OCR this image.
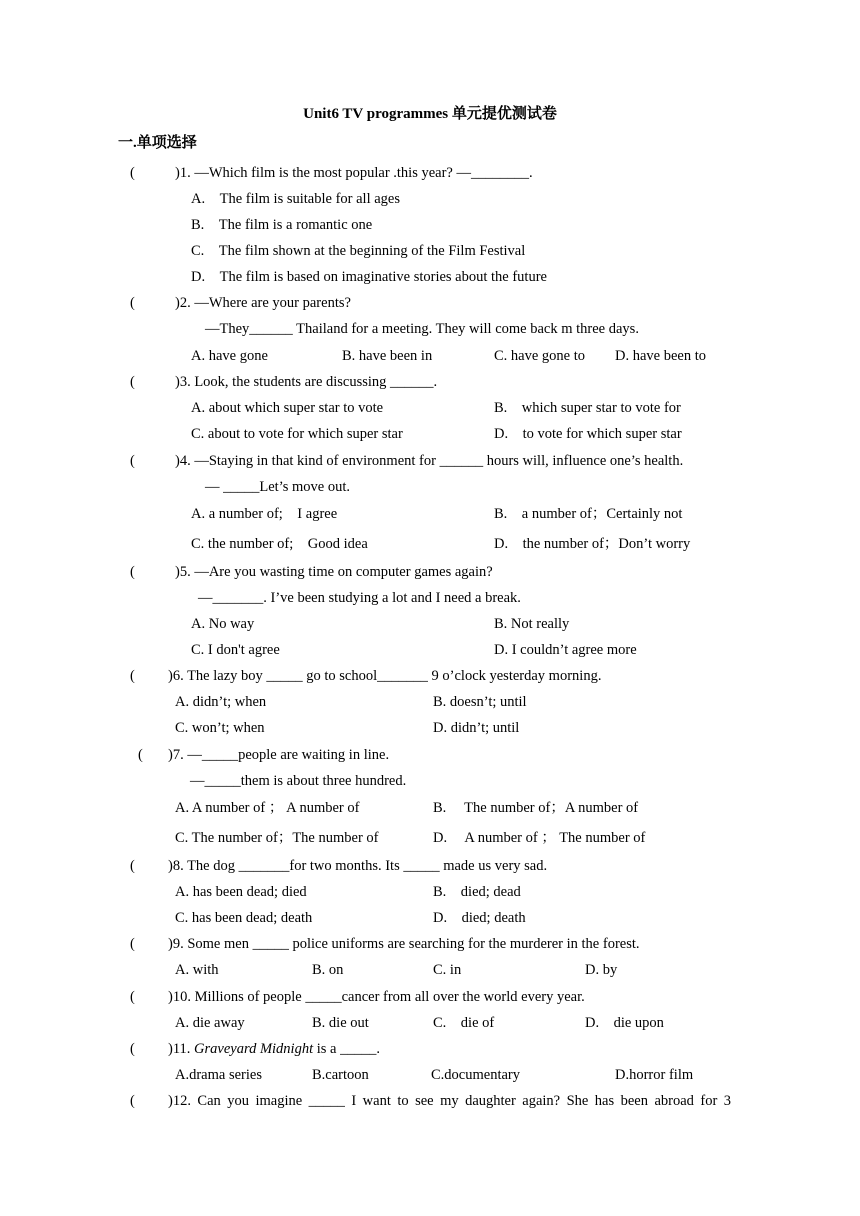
Unit6 TV programmes 单元提优测试卷
一.单项选择
(	)1. —Which film is the most popular .this year? —________.
A.　The film is suitable for all ages
B.　The film is a romantic one
C.　The film shown at the beginning of the Film Festival
D.　The film is based on imaginative stories about the future
(	)2. —Where are your parents?
—They______ Thailand for a meeting. They will come back m three days.
A. have gone	B. have been in	C. have gone to D. have been to
(	)3. Look, the students are discussing ______.
A. about which super star to vote	B.　which super star to vote for
C. about to vote for which super star	D.　to vote for which super star
(	)4. —Staying in that kind of environment for ______ hours will, influence one’s health.
— _____Let’s move out.
A. a number of;　I agree	B.　a number of；Certainly not
C. the number of;　Good idea	D.　the number of；Don’t worry
(	)5. —Are you wasting time on computer games again?
—_______. I’ve been studying a lot and I need a break.
A. No way	B. Not really
C. I don't agree	D. I couldn’t agree more
( )6. The lazy boy _____ go to school_______ 9 o’clock yesterday morning.
A. didn’t; when	B. doesn’t; until
C. won’t; when	D. didn’t; until
( )7. —_____people are waiting in line.
—_____them is about three hundred.
A. A number of ； A number of	B.　 The number of；A number of
C. The number of；The number of	D.　 A number of ； The number of
( )8. The dog _______for two months. Its _____ made us very sad.
A. has been dead; died	B.　died; dead
C. has been dead; death	D.　died; death
( )9. Some men _____ police uniforms are searching for the murderer in the forest.
A. with	B. on	C. in	D. by
( )10. Millions of people _____cancer from all over the world every year.
A. die away	B. die out	C.　die of	D.　die upon
( )11. Graveyard Midnight is a _____.
A.drama series	B.cartoon	C.documentary	D.horror film
( )12. Can you imagine _____ I want to see my daughter again? She has been abroad for 3
